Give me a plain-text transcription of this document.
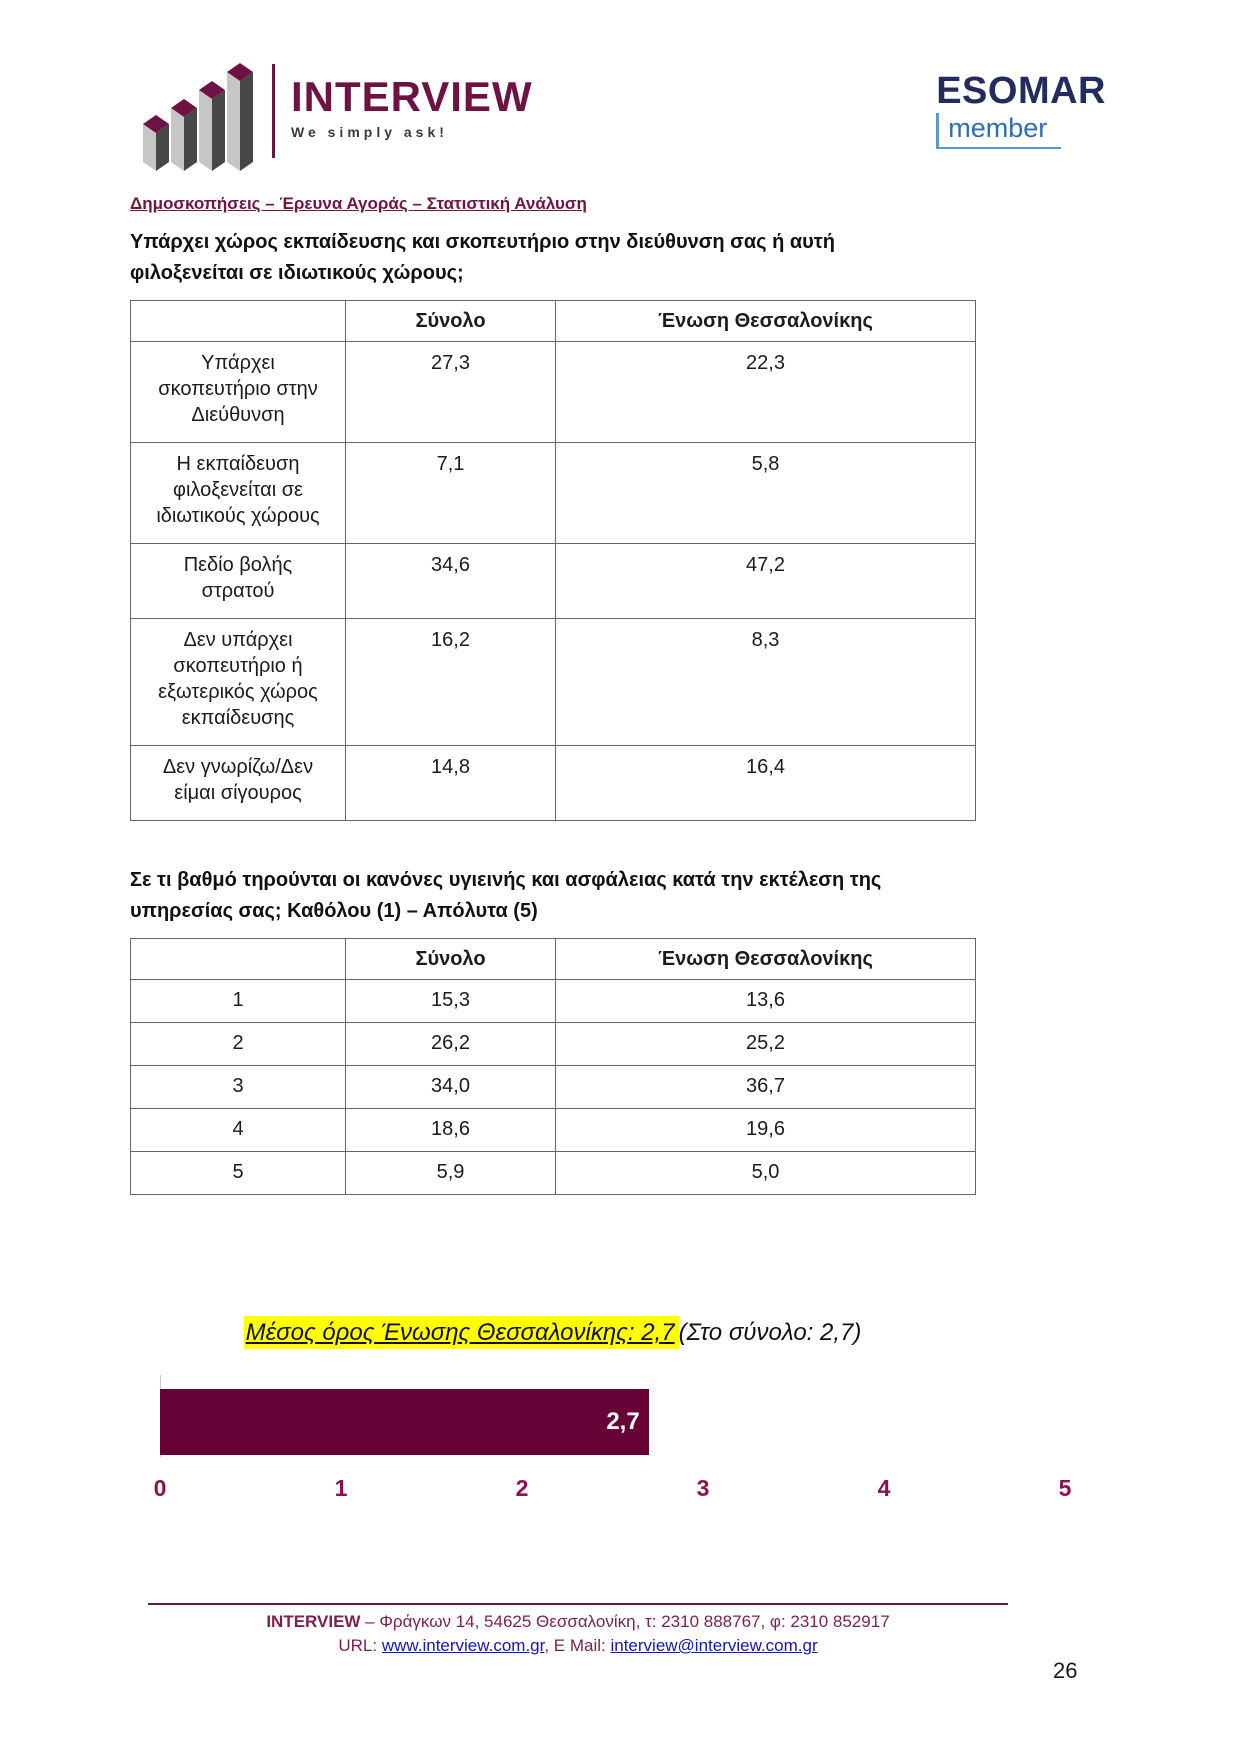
INTERVIEW
We simply ask!
ESOMAR
member
Δημοσκοπήσεις – Έρευνα Αγοράς – Στατιστική Ανάλυση
Υπάρχει χώρος εκπαίδευσης και σκοπευτήριο στην διεύθυνση σας ή αυτή φιλοξενείται σε ιδιωτικούς χώρους;
	Σύνολο	Ένωση Θεσσαλονίκης
Υπάρχει σκοπευτήριο στην Διεύθυνση	27,3	22,3
Η εκπαίδευση φιλοξενείται σε ιδιωτικούς χώρους	7,1	5,8
Πεδίο βολής στρατού	34,6	47,2
Δεν υπάρχει σκοπευτήριο ή εξωτερικός χώρος εκπαίδευσης	16,2	8,3
Δεν γνωρίζω/Δεν είμαι σίγουρος	14,8	16,4
Σε τι βαθμό τηρούνται οι κανόνες υγιεινής και ασφάλειας κατά την εκτέλεση της υπηρεσίας σας; Καθόλου (1) – Απόλυτα (5)
	Σύνολο	Ένωση Θεσσαλονίκης
1	15,3	13,6
2	26,2	25,2
3	34,0	36,7
4	18,6	19,6
5	5,9	5,0
Μέσος όρος Ένωσης Θεσσαλονίκης: 2,7 (Στο σύνολο: 2,7)
2,7
0	1	2	3	4	5
INTERVIEW – Φράγκων 14, 54625 Θεσσαλονίκη, τ: 2310 888767, φ: 2310 852917
URL: www.interview.com.gr, E Mail: interview@interview.com.gr
26
